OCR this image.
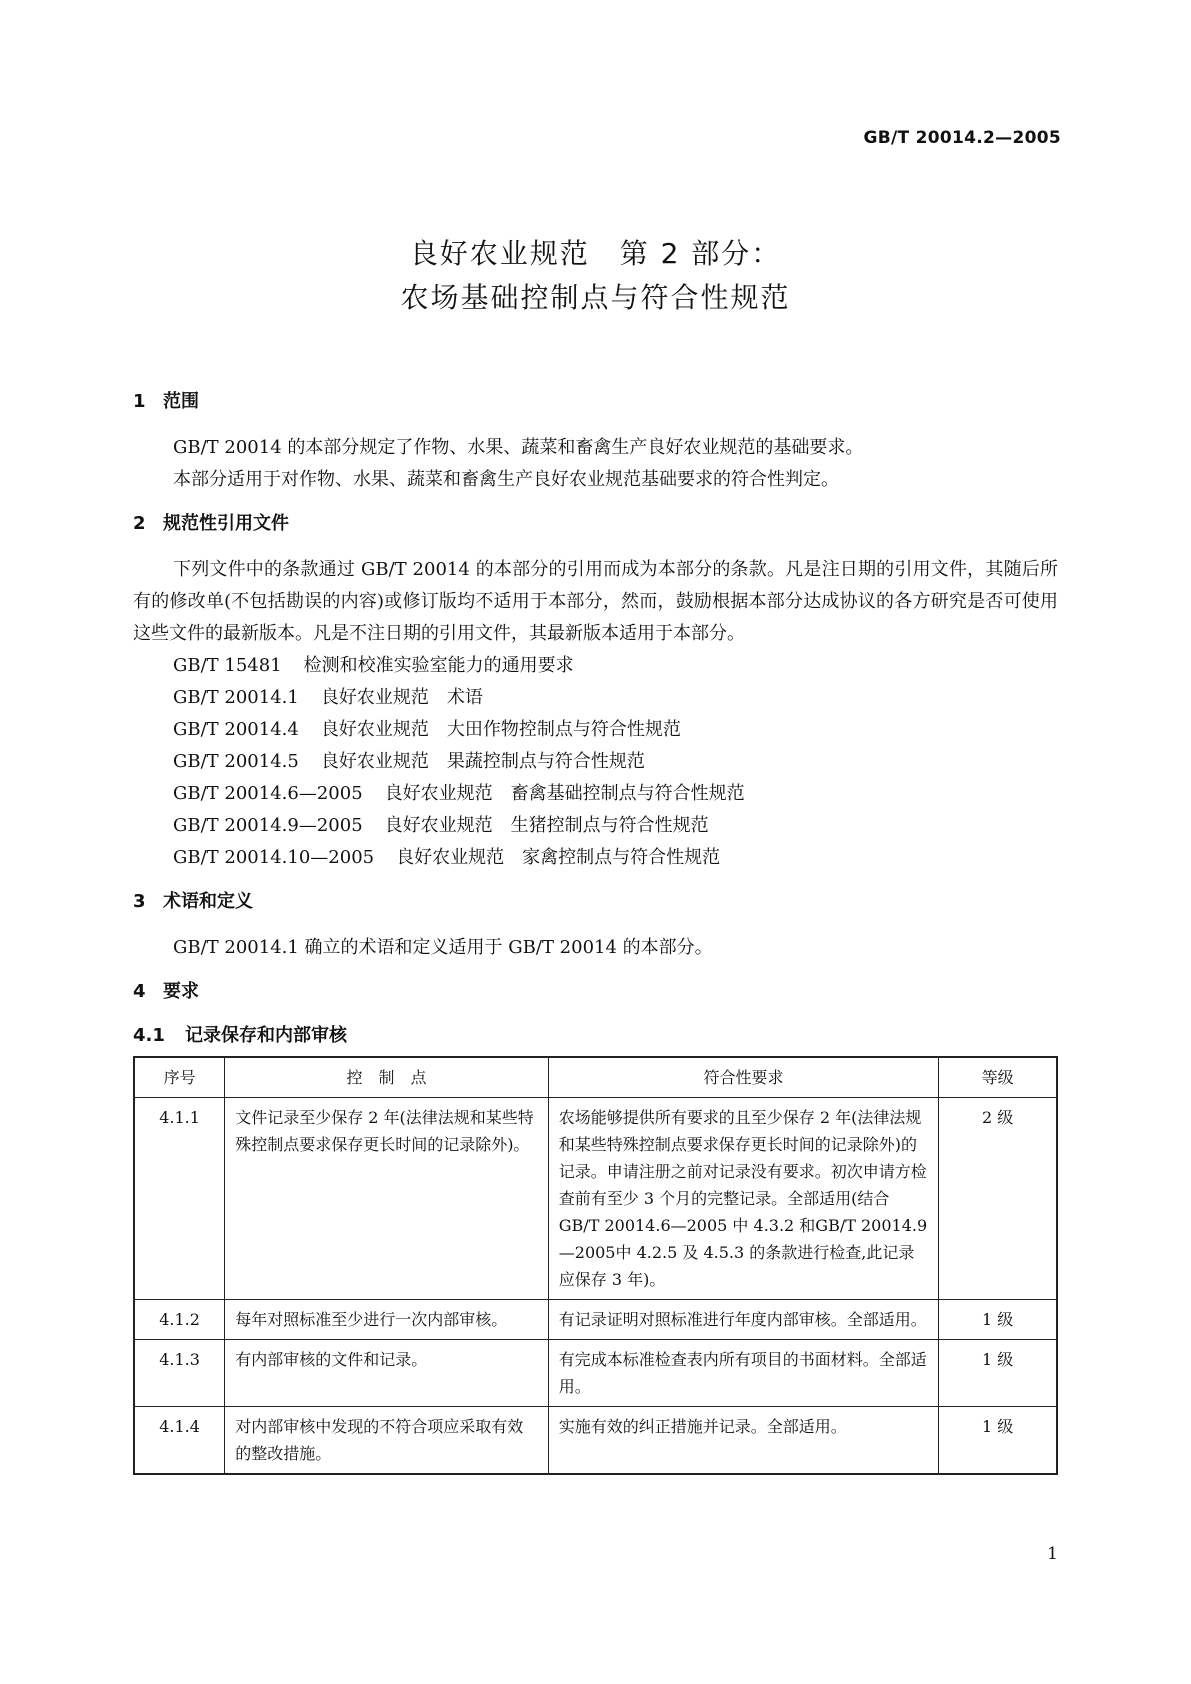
GB/T 20014.2—2005
良好农业规范　第 2 部分：
农场基础控制点与符合性规范
1 范围
GB/T 20014 的本部分规定了作物、水果、蔬菜和畜禽生产良好农业规范的基础要求。
本部分适用于对作物、水果、蔬菜和畜禽生产良好农业规范基础要求的符合性判定。
2 规范性引用文件
下列文件中的条款通过 GB/T 20014 的本部分的引用而成为本部分的条款。凡是注日期的引用文件，其随后所有的修改单(不包括勘误的内容)或修订版均不适用于本部分，然而，鼓励根据本部分达成协议的各方研究是否可使用这些文件的最新版本。凡是不注日期的引用文件，其最新版本适用于本部分。
GB/T 15481 检测和校准实验室能力的通用要求
GB/T 20014.1 良好农业规范　术语
GB/T 20014.4 良好农业规范　大田作物控制点与符合性规范
GB/T 20014.5 良好农业规范　果蔬控制点与符合性规范
GB/T 20014.6—2005 良好农业规范　畜禽基础控制点与符合性规范
GB/T 20014.9—2005 良好农业规范　生猪控制点与符合性规范
GB/T 20014.10—2005 良好农业规范　家禽控制点与符合性规范
3 术语和定义
GB/T 20014.1 确立的术语和定义适用于 GB/T 20014 的本部分。
4 要求
4.1 记录保存和内部审核
序号	控　制　点	符合性要求	等级
4.1.1	文件记录至少保存 2 年(法律法规和某些特殊控制点要求保存更长时间的记录除外)。	农场能够提供所有要求的且至少保存 2 年(法律法规和某些特殊控制点要求保存更长时间的记录除外)的记录。申请注册之前对记录没有要求。初次申请方检查前有至少 3 个月的完整记录。全部适用(结合 GB/T 20014.6—2005 中 4.3.2 和GB/T 20014.9—2005中 4.2.5 及 4.5.3 的条款进行检查,此记录应保存 3 年)。	2 级
4.1.2	每年对照标准至少进行一次内部审核。	有记录证明对照标准进行年度内部审核。全部适用。	1 级
4.1.3	有内部审核的文件和记录。	有完成本标准检查表内所有项目的书面材料。全部适用。	1 级
4.1.4	对内部审核中发现的不符合项应采取有效的整改措施。	实施有效的纠正措施并记录。全部适用。	1 级
1
